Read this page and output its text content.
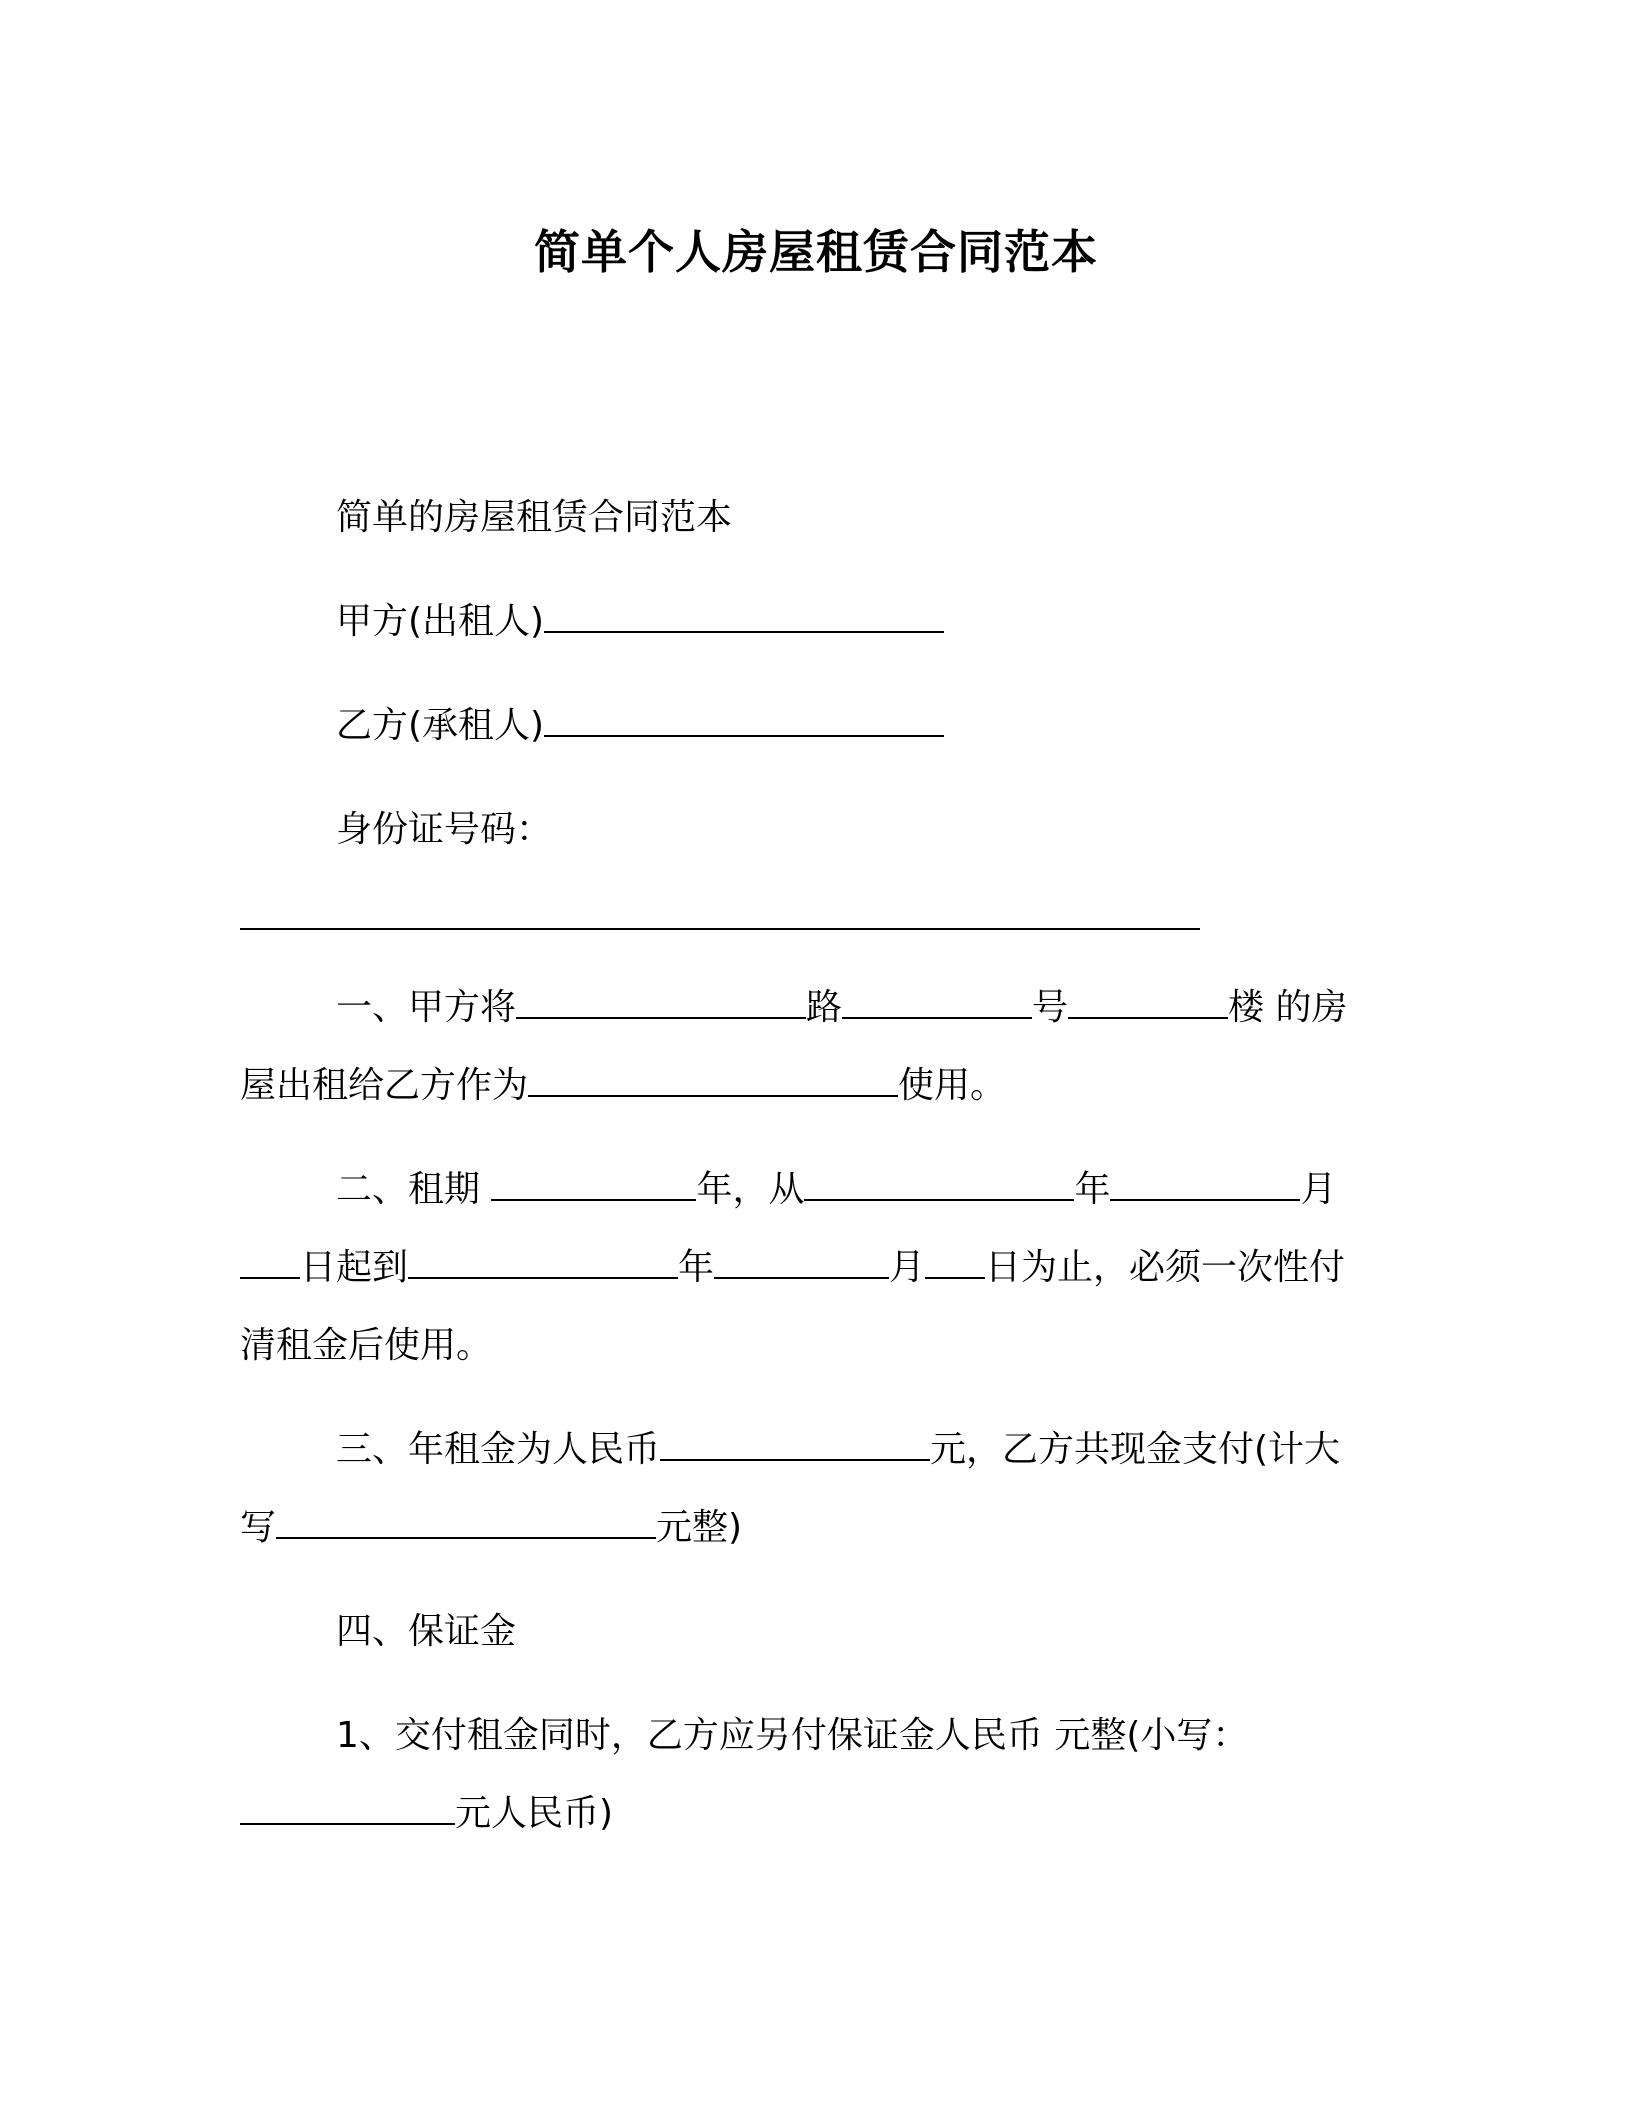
简单个人房屋租赁合同范本
简单的房屋租赁合同范本
甲方(出租人)
乙方(承租人)
身份证号码：
一、甲方将	路	号	楼 的房
屋出租给乙方作为	使用。
二、租期	年，从	年	月
日起到	年	月 日为止，必须一次性付
清租金后使用。
三、年租金为人民币	元，乙方共现金支付(计大
写	元整)
四、保证金
1、交付租金同时，乙方应另付保证金人民币 元整(小写：
元人民币)
